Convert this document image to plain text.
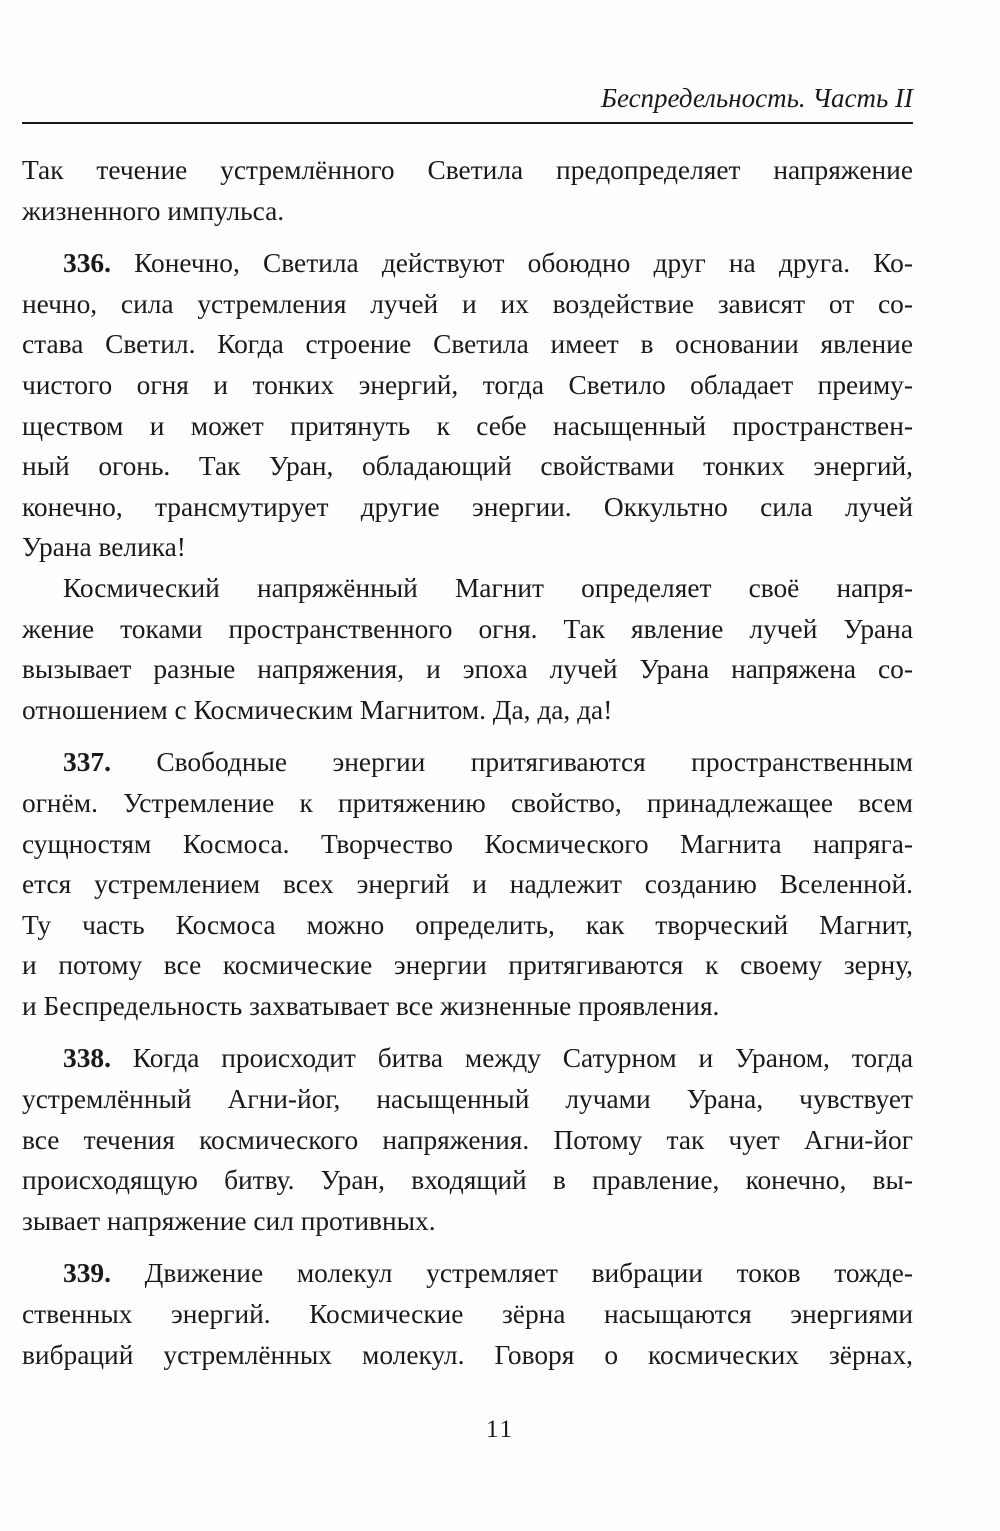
Беспредельность. Часть II
Так течение устремлённого Светила предопределяет напряжение
жизненного импульса.
336. Конечно, Светила действуют обоюдно друг на друга. Ко-
нечно, сила устремления лучей и их воздействие зависят от со-
става Светил. Когда строение Светила имеет в основании явление
чистого огня и тонких энергий, тогда Светило обладает преиму-
ществом и может притянуть к себе насыщенный пространствен-
ный огонь. Так Уран, обладающий свойствами тонких энергий,
конечно, трансмутирует другие энергии. Оккультно сила лучей
Урана велика!
Космический напряжённый Магнит определяет своё напря-
жение токами пространственного огня. Так явление лучей Урана
вызывает разные напряжения, и эпоха лучей Урана напряжена со-
отношением с Космическим Магнитом. Да, да, да!
337. Свободные энергии притягиваются пространственным
огнём. Устремление к притяжению свойство, принадлежащее всем
сущностям Космоса. Творчество Космического Магнита напряга-
ется устремлением всех энергий и надлежит созданию Вселенной.
Ту часть Космоса можно определить, как творческий Магнит,
и потому все космические энергии притягиваются к своему зерну,
и Беспредельность захватывает все жизненные проявления.
338. Когда происходит битва между Сатурном и Ураном, тогда
устремлённый Агни-йог, насыщенный лучами Урана, чувствует
все течения космического напряжения. Потому так чует Агни-йог
происходящую битву. Уран, входящий в правление, конечно, вы-
зывает напряжение сил противных.
339. Движение молекул устремляет вибрации токов тожде-
ственных энергий. Космические зёрна насыщаются энергиями
вибраций устремлённых молекул. Говоря о космических зёрнах,
11
